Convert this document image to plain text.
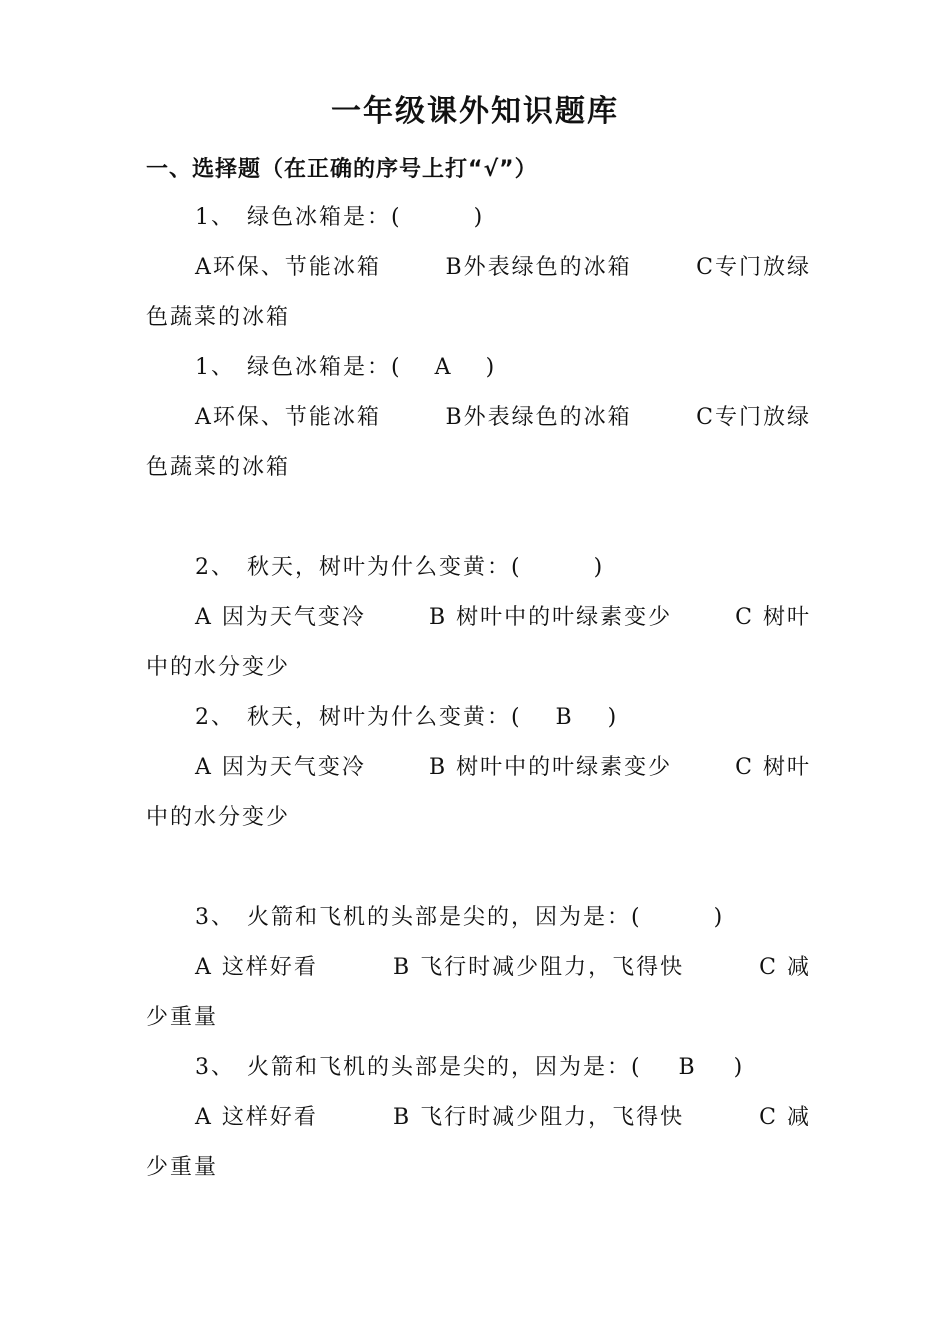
一年级课外知识题库
一、选择题（在正确的序号上打“√”）
1、 绿色冰箱是：(	)
A环保、节能冰箱	B外表绿色的冰箱	C专门放绿
色蔬菜的冰箱
1、 绿色冰箱是：( A )
A环保、节能冰箱	B外表绿色的冰箱	C专门放绿
色蔬菜的冰箱
2、 秋天，树叶为什么变黄：(	)
A 因为天气变冷	B 树叶中的叶绿素变少	C 树叶
中的水分变少
2、 秋天，树叶为什么变黄：( B )
A 因为天气变冷	B 树叶中的叶绿素变少	C 树叶
中的水分变少
3、 火箭和飞机的头部是尖的，因为是：(	)
A 这样好看	B 飞行时减少阻力，飞得快	C 减
少重量
3、 火箭和飞机的头部是尖的，因为是：( B )
A 这样好看	B 飞行时减少阻力，飞得快	C 减
少重量
